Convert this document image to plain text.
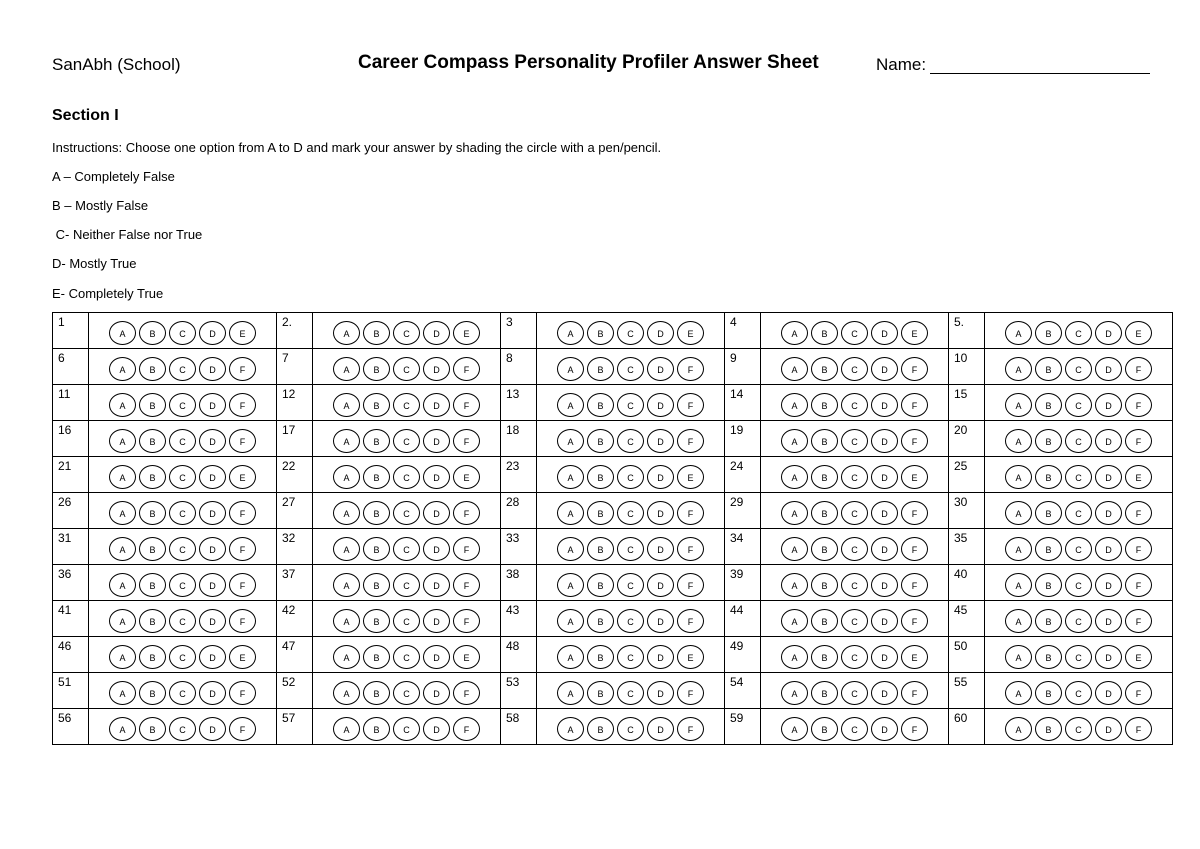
SanAbh (School)	Career Compass Personality Profiler Answer Sheet	Name:
Section I
Instructions: Choose one option from A to D and mark your answer by shading the circle with a pen/pencil.
A – Completely False
B – Mostly False
C- Neither False nor True
D- Mostly True
E- Completely True
1	A B C D E	2.	A B C D E	3	A B C D E	4	A B C D E	5.	A B C D E

6	A B C D F	7	A B C D F	8	A B C D F	9	A B C D F	10	A B C D F

11	A B C D F	12	A B C D F	13	A B C D F	14	A B C D F	15	A B C D F

16	A B C D F	17	A B C D F	18	A B C D F	19	A B C D F	20	A B C D F

21	A B C D E	22	A B C D E	23	A B C D E	24	A B C D E	25	A B C D E

26	A B C D F	27	A B C D F	28	A B C D F	29	A B C D F	30	A B C D F

31	A B C D F	32	A B C D F	33	A B C D F	34	A B C D F	35	A B C D F

36	A B C D F	37	A B C D F	38	A B C D F	39	A B C D F	40	A B C D F

41	A B C D F	42	A B C D F	43	A B C D F	44	A B C D F	45	A B C D F

46	A B C D E	47	A B C D E	48	A B C D E	49	A B C D E	50	A B C D E

51	A B C D F	52	A B C D F	53	A B C D F	54	A B C D F	55	A B C D F

56	A B C D F	57	A B C D F	58	A B C D F	59	A B C D F	60	A B C D F
